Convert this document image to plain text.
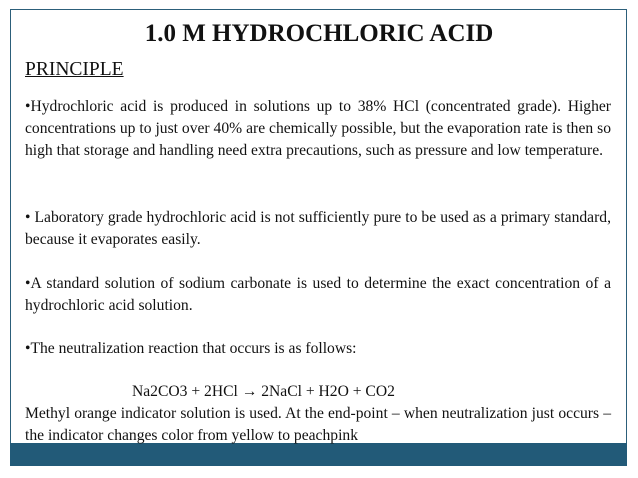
1.0 M HYDROCHLORIC ACID
PRINCIPLE

•Hydrochloric acid is produced in solutions up to 38% HCl (concentrated grade). Higher concentrations up to just over 40% are chemically possible, but the evaporation rate is then so high that storage and handling need extra precautions, such as pressure and low temperature.

• Laboratory grade hydrochloric acid is not sufficiently pure to be used as a primary standard, because it evaporates easily.

•A standard solution of sodium carbonate is used to determine the exact concentration of a hydrochloric acid solution.

•The neutralization reaction that occurs is as follows:

Na2CO3 + 2HCl → 2NaCl + H2O + CO2

Methyl orange indicator solution is used. At the end-point – when neutralization just occurs – the indicator changes color from yellow to peachpink
